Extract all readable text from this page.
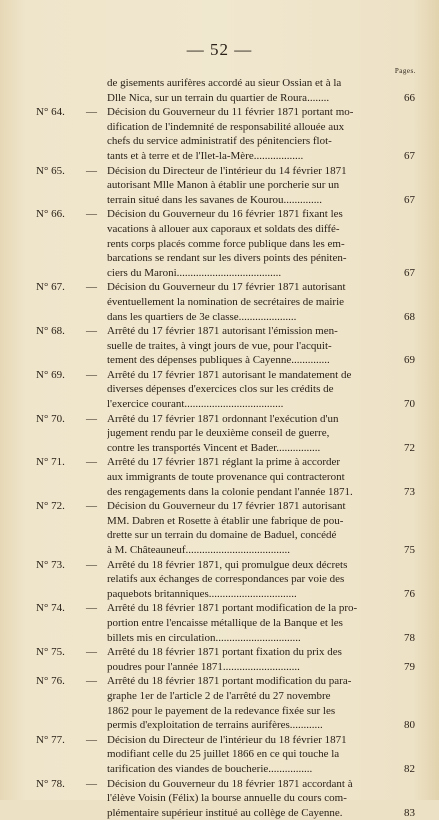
— 52 —
Pages.
de gisements aurifères accordé au sieur Ossian et à la
Dlle Nica, sur un terrain du quartier de Roura........	66
N° 64. — Décision du Gouverneur du 11 février 1871 portant mo-
dification de l'indemnité de responsabilité allouée aux
chefs du service administratif des pénitenciers flot-
tants et à terre et de l'Ilet-la-Mère..................	67
N° 65. — Décision du Directeur de l'intérieur du 14 février 1871
autorisant Mlle Manon à établir une porcherie sur un
terrain situé dans les savanes de Kourou..............	67
N° 66. — Décision du Gouverneur du 16 février 1871 fixant les
vacations à allouer aux caporaux et soldats des diffé-
rents corps placés comme force publique dans les em-
barcations se rendant sur les divers points des péniten-
ciers du Maroni......................................	67
N° 67. — Décision du Gouverneur du 17 février 1871 autorisant
éventuellement la nomination de secrétaires de mairie
dans les quartiers de 3e classe.....................	68
N° 68. — Arrêté du 17 février 1871 autorisant l'émission men-
suelle de traites, à vingt jours de vue, pour l'acquit-
tement des dépenses publiques à Cayenne..............	69
N° 69. — Arrêté du 17 février 1871 autorisant le mandatement de
diverses dépenses d'exercices clos sur les crédits de
l'exercice courant....................................	70
N° 70. — Arrêté du 17 février 1871 ordonnant l'exécution d'un
jugement rendu par le deuxième conseil de guerre,
contre les transportés Vincent et Bader................	72
N° 71. — Arrêté du 17 février 1871 réglant la prime à accorder
aux immigrants de toute provenance qui contracteront
des rengagements dans la colonie pendant l'année 1871.	73
N° 72. — Décision du Gouverneur du 17 février 1871 autorisant
MM. Dabren et Rosette à établir une fabrique de pou-
drette sur un terrain du domaine de Baduel, concédé
à M. Châteauneuf......................................	75
N° 73. — Arrêté du 18 février 1871, qui promulgue deux décrets
relatifs aux échanges de correspondances par voie des
paquebots britanniques................................	76
N° 74. — Arrêté du 18 février 1871 portant modification de la pro-
portion entre l'encaisse métallique de la Banque et les
billets mis en circulation...............................	78
N° 75. — Arrêté du 18 février 1871 portant fixation du prix des
poudres pour l'année 1871............................	79
N° 76. — Arrêté du 18 février 1871 portant modification du para-
graphe 1er de l'article 2 de l'arrêté du 27 novembre
1862 pour le payement de la redevance fixée sur les
permis d'exploitation de terrains aurifères............	80
N° 77. — Décision du Directeur de l'intérieur du 18 février 1871
modifiant celle du 25 juillet 1866 en ce qui touche la
tarification des viandes de boucherie................	82
N° 78. — Décision du Gouverneur du 18 février 1871 accordant à
l'élève Voisin (Félix) la bourse annuelle du cours com-
plémentaire supérieur institué au collège de Cayenne.	83
